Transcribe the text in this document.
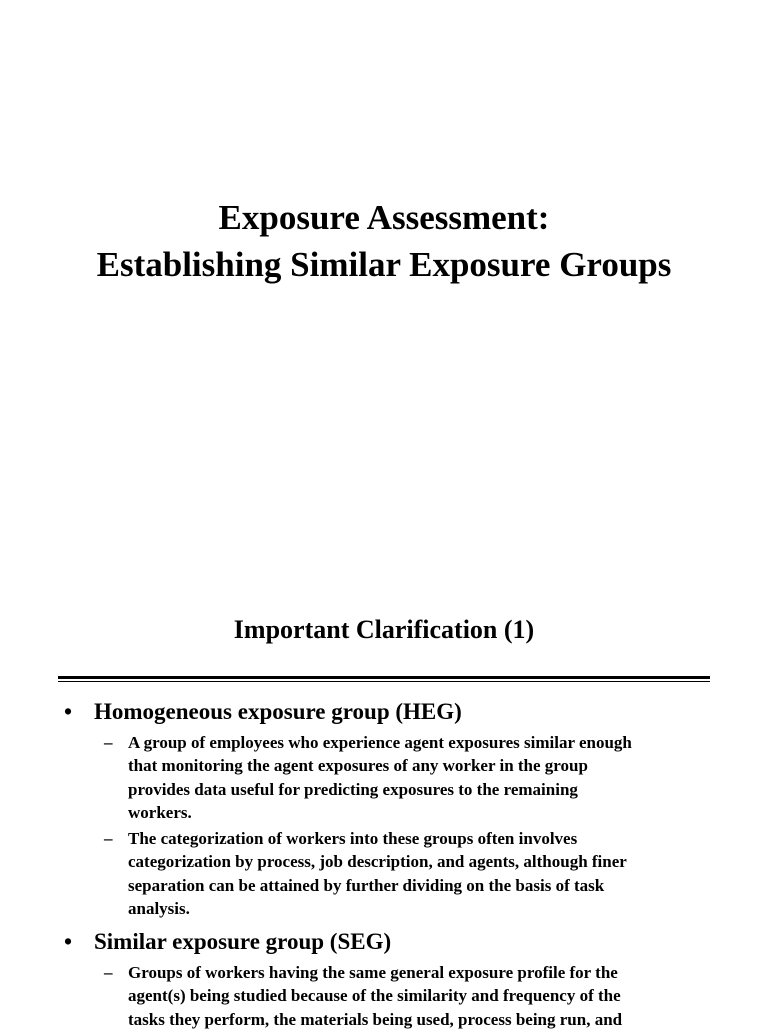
Exposure Assessment:
Establishing Similar Exposure Groups
Important Clarification (1)
• Homogeneous exposure group (HEG)
– A group of employees who experience agent exposures similar enough
that monitoring the agent exposures of any worker in the group
provides data useful for predicting exposures to the remaining
workers.
– The categorization of workers into these groups often involves
categorization by process, job description, and agents, although finer
separation can be attained by further dividing on the basis of task
analysis.
• Similar exposure group (SEG)
– Groups of workers having the same general exposure profile for the
agent(s) being studied because of the similarity and frequency of the
tasks they perform, the materials being used, process being run, and
